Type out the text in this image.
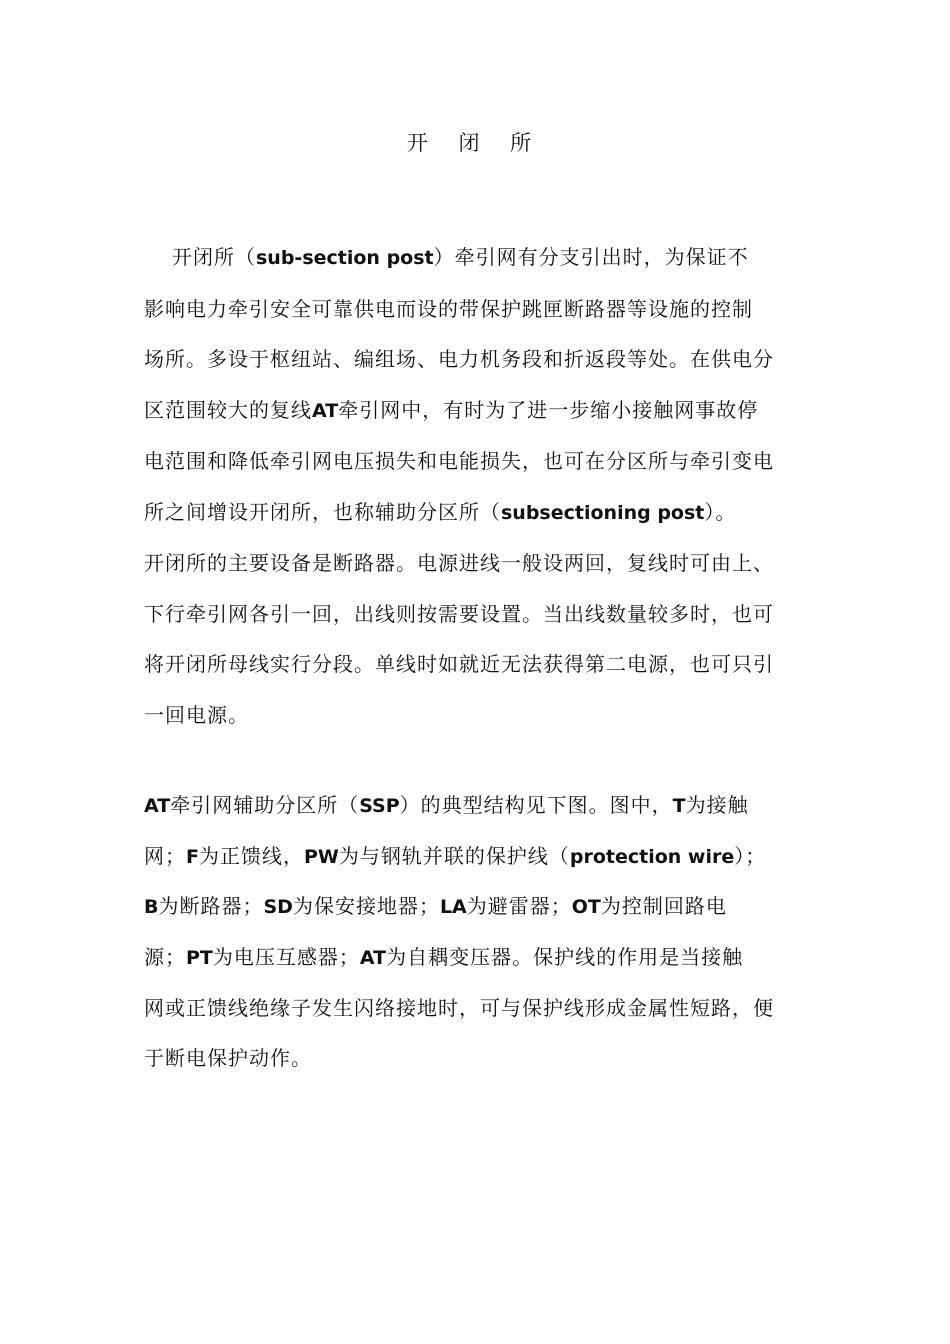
开 闭 所
开闭所（sub-section post）牵引网有分支引出时，为保证不
影响电力牵引安全可靠供电而设的带保护跳匣断路器等设施的控制
场所。多设于枢纽站、编组场、电力机务段和折返段等处。在供电分
区范围较大的复线AT牵引网中，有时为了进一步缩小接触网事故停
电范围和降低牵引网电压损失和电能损失，也可在分区所与牵引变电
所之间增设开闭所，也称辅助分区所（subsectioning post）。
开闭所的主要设备是断路器。电源进线一般设两回，复线时可由上、
下行牵引网各引一回，出线则按需要设置。当出线数量较多时，也可
将开闭所母线实行分段。单线时如就近无法获得第二电源，也可只引
一回电源。
AT牵引网辅助分区所（SSP）的典型结构见下图。图中，T为接触
网；F为正馈线，PW为与钢轨并联的保护线（protection wire）；
B为断路器；SD为保安接地器；LA为避雷器；OT为控制回路电
源；PT为电压互感器；AT为自耦变压器。保护线的作用是当接触
网或正馈线绝缘子发生闪络接地时，可与保护线形成金属性短路，便
于断电保护动作。
